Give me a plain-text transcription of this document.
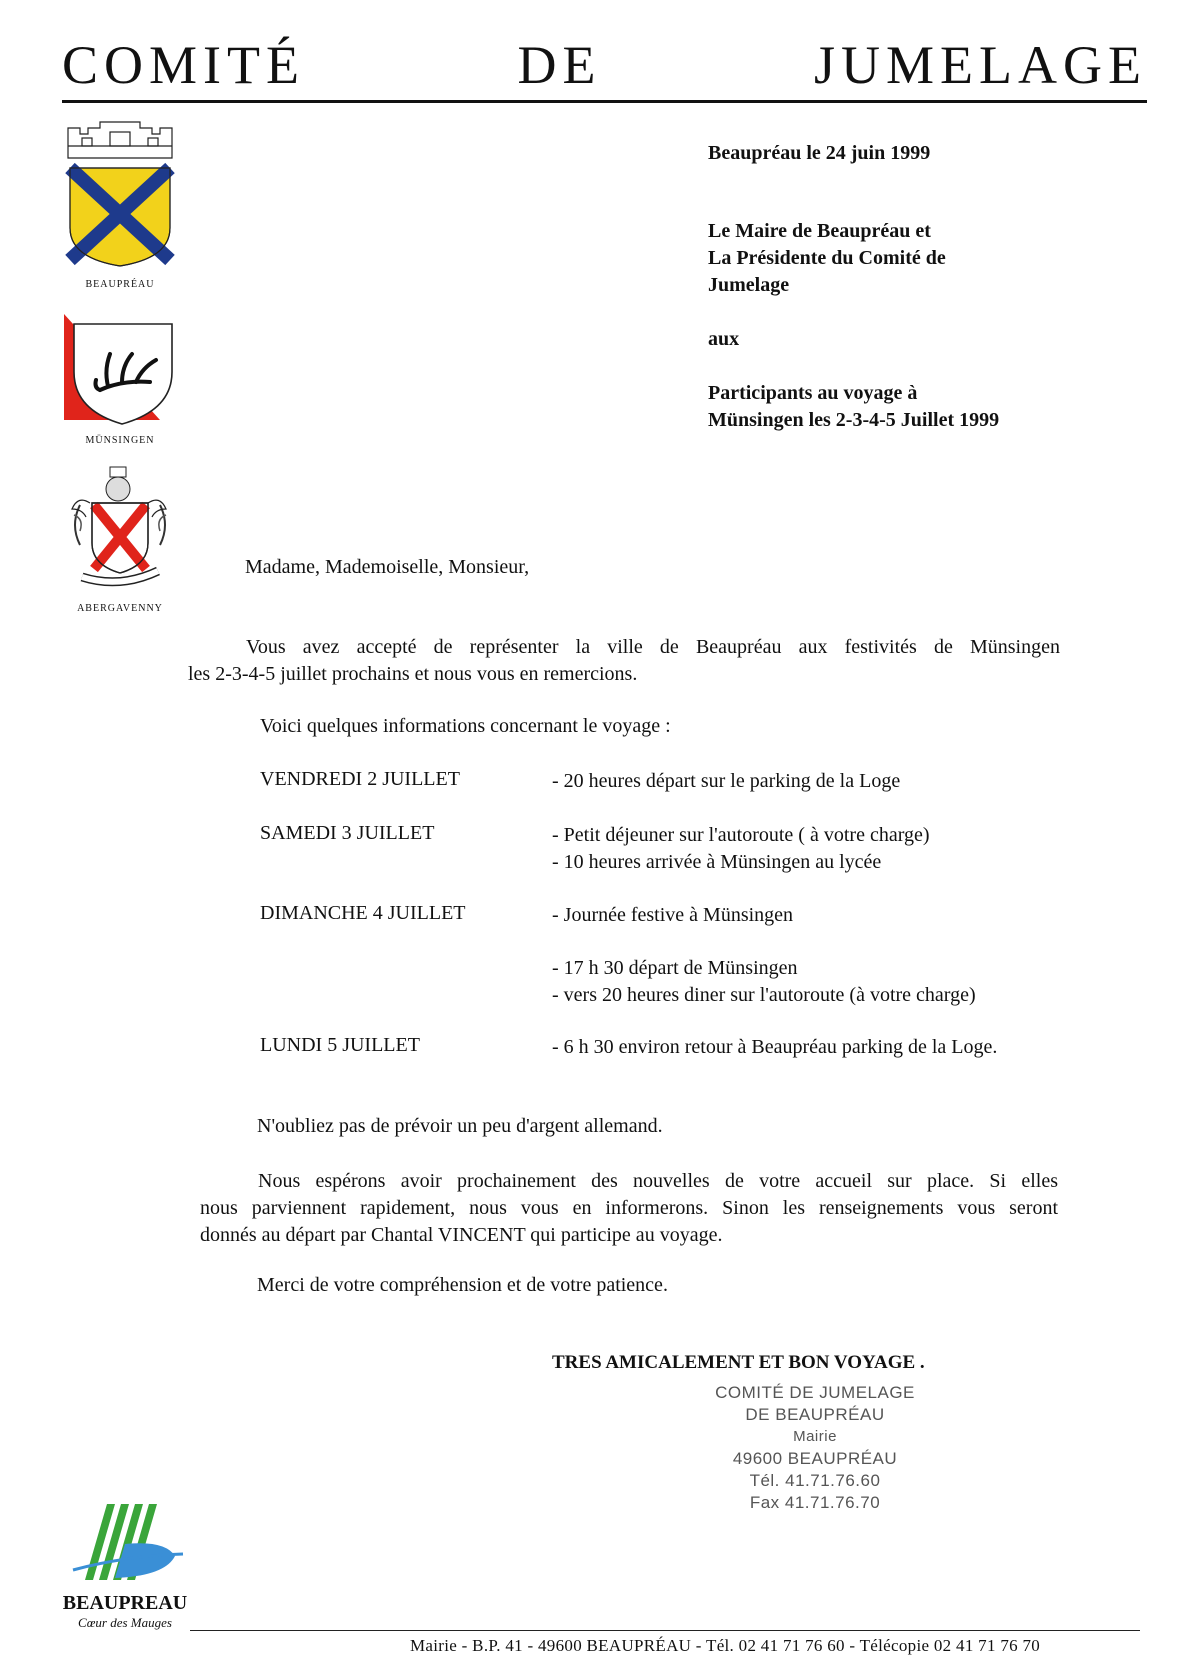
COMITÉ	DE	JUMELAGE
BEAUPRÉAU
MÜNSINGEN
ABERGAVENNY
Beaupréau le 24 juin 1999
Le Maire de Beaupréau et
La Présidente du Comité de
Jumelage
aux
Participants au voyage à
Münsingen les 2-3-4-5 Juillet 1999
Madame, Mademoiselle, Monsieur,
Vous avez accepté de représenter la ville de Beaupréau aux festivités de Münsingen
les 2-3-4-5 juillet prochains et nous vous en remercions.
Voici quelques informations concernant le voyage :
VENDREDI 2 JUILLET	- 20 heures départ sur le parking de la Loge
SAMEDI 3 JUILLET	- Petit déjeuner sur l'autoroute ( à votre charge)
- 10 heures arrivée à Münsingen au lycée
DIMANCHE 4 JUILLET	- Journée festive à Münsingen
- 17 h 30 départ de Münsingen
- vers 20 heures diner sur l'autoroute (à votre charge)
LUNDI 5 JUILLET	- 6 h 30 environ retour à Beaupréau parking de la Loge.
N'oubliez pas de prévoir un peu d'argent allemand.
Nous espérons avoir prochainement des nouvelles de votre accueil sur place. Si elles
nous parviennent rapidement, nous vous en informerons. Sinon les renseignements vous seront
donnés au départ par Chantal VINCENT qui participe au voyage.
Merci de votre compréhension et de votre patience.
TRES AMICALEMENT ET BON VOYAGE .
COMITÉ DE JUMELAGE
DE BEAUPRÉAU
Mairie
49600 BEAUPRÉAU
Tél. 41.71.76.60
Fax 41.71.76.70
BEAUPREAU
Cœur des Mauges
Mairie - B.P. 41 - 49600 BEAUPRÉAU - Tél. 02 41 71 76 60 - Télécopie 02 41 71 76 70
